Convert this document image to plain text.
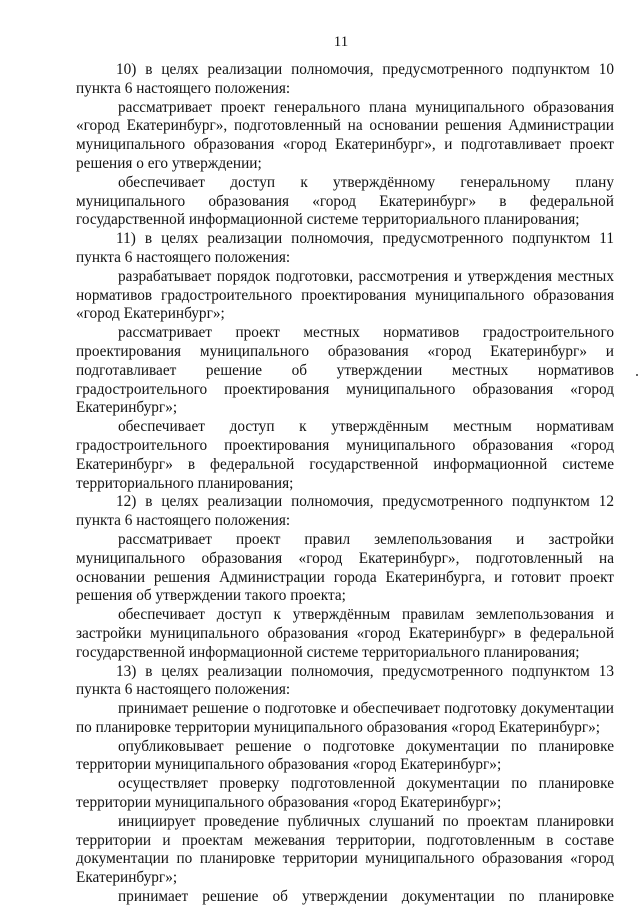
11

10) в целях реализации полномочия, предусмотренного подпунктом 10 пункта 6 настоящего положения:

рассматривает проект генерального плана муниципального образования «город Екатеринбург», подготовленный на основании решения Администрации муниципального образования «город Екатеринбург», и подготавливает проект решения о его утверждении;

обеспечивает доступ к утверждённому генеральному плану муниципального образования «город Екатеринбург» в федеральной государственной информационной системе территориального планирования;

11) в целях реализации полномочия, предусмотренного подпунктом 11 пункта 6 настоящего положения:

разрабатывает порядок подготовки, рассмотрения и утверждения местных нормативов градостроительного проектирования муниципального образования «город Екатеринбург»;

рассматривает проект местных нормативов градостроительного проектирования муниципального образования «город Екатеринбург» и подготавливает решение об утверждении местных нормативов градостроительного проектирования муниципального образования «город Екатеринбург»;

обеспечивает доступ к утверждённым местным нормативам градостроительного проектирования муниципального образования «город Екатеринбург» в федеральной государственной информационной системе территориального планирования;

12) в целях реализации полномочия, предусмотренного подпунктом 12 пункта 6 настоящего положения:

рассматривает проект правил землепользования и застройки муниципального образования «город Екатеринбург», подготовленный на основании решения Администрации города Екатеринбурга, и готовит проект решения об утверждении такого проекта;

обеспечивает доступ к утверждённым правилам землепользования и застройки муниципального образования «город Екатеринбург» в федеральной государственной информационной системе территориального планирования;

13) в целях реализации полномочия, предусмотренного подпунктом 13 пункта 6 настоящего положения:

принимает решение о подготовке и обеспечивает подготовку документации по планировке территории муниципального образования «город Екатеринбург»;

опубликовывает решение о подготовке документации по планировке территории муниципального образования «город Екатеринбург»;

осуществляет проверку подготовленной документации по планировке территории муниципального образования «город Екатеринбург»;

инициирует проведение публичных слушаний по проектам планировки территории и проектам межевания территории, подготовленным в составе документации по планировке территории муниципального образования «город Екатеринбург»;

принимает решение об утверждении документации по планировке
